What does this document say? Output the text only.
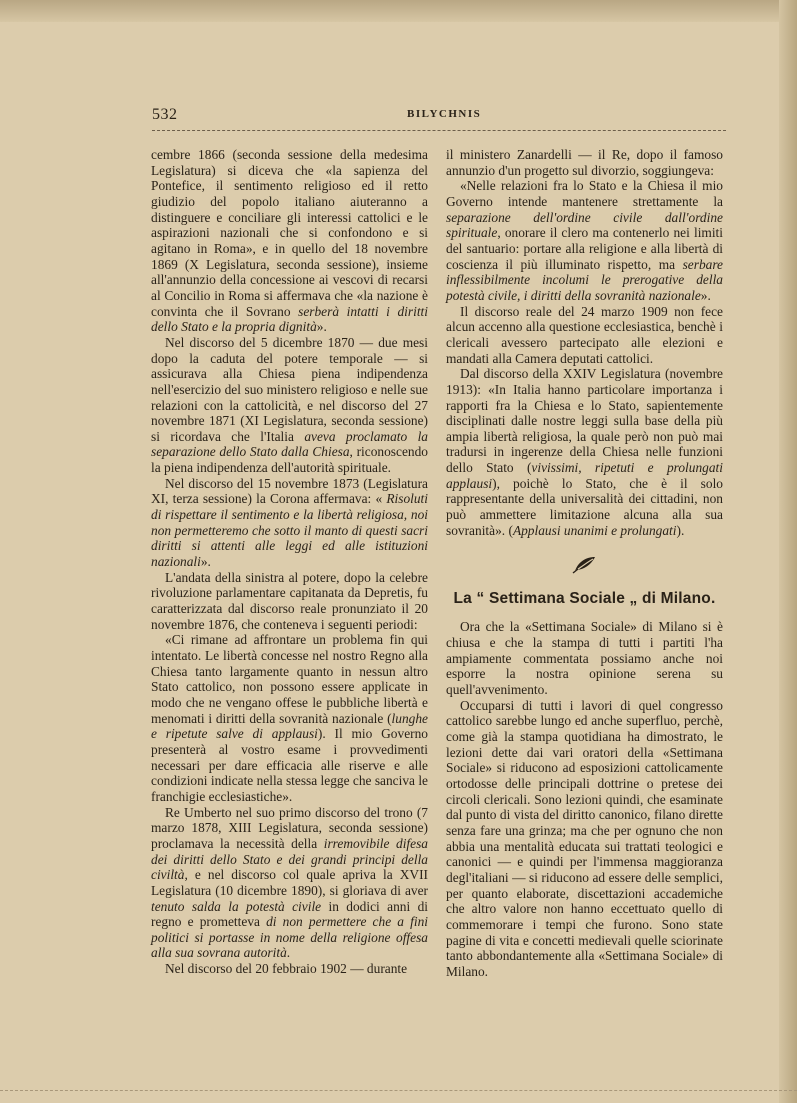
532	BILYCHNIS

cembre 1866 (seconda sessione della medesima Legislatura) si diceva che «la sapienza del Pontefice, il sentimento religioso ed il retto giudizio del popolo italiano aiuteranno a distinguere e conciliare gli interessi cattolici e le aspirazioni nazionali che si confondono e si agitano in Roma», e in quello del 18 novembre 1869 (X Legislatura, seconda sessione), insieme all'annunzio della concessione ai vescovi di recarsi al Concilio in Roma si affermava che «la nazione è convinta che il Sovrano serberà intatti i diritti dello Stato e la propria dignità».

Nel discorso del 5 dicembre 1870 — due mesi dopo la caduta del potere temporale — si assicurava alla Chiesa piena indipendenza nell'esercizio del suo ministero religioso e nelle sue relazioni con la cattolicità, e nel discorso del 27 novembre 1871 (XI Legislatura, seconda sessione) si ricordava che l'Italia aveva proclamato la separazione dello Stato dalla Chiesa, riconoscendo la piena indipendenza dell'autorità spirituale.

Nel discorso del 15 novembre 1873 (Legislatura XI, terza sessione) la Corona affermava: « Risoluti di rispettare il sentimento e la libertà religiosa, noi non permetteremo che sotto il manto di questi sacri diritti si attenti alle leggi ed alle istituzioni nazionali».

L'andata della sinistra al potere, dopo la celebre rivoluzione parlamentare capitanata da Depretis, fu caratterizzata dal discorso reale pronunziato il 20 novembre 1876, che conteneva i seguenti periodi:

«Ci rimane ad affrontare un problema fin qui intentato. Le libertà concesse nel nostro Regno alla Chiesa tanto largamente quanto in nessun altro Stato cattolico, non possono essere applicate in modo che ne vengano offese le pubbliche libertà e menomati i diritti della sovranità nazionale (lunghe e ripetute salve di applausi). Il mio Governo presenterà al vostro esame i provvedimenti necessari per dare efficacia alle riserve e alle condizioni indicate nella stessa legge che sanciva le franchigie ecclesiastiche».

Re Umberto nel suo primo discorso del trono (7 marzo 1878, XIII Legislatura, seconda sessione) proclamava la necessità della irremovibile difesa dei diritti dello Stato e dei grandi principi della civiltà, e nel discorso col quale apriva la XVII Legislatura (10 dicembre 1890), si gloriava di aver tenuto salda la potestà civile in dodici anni di regno e prometteva di non permettere che a fini politici si portasse in nome della religione offesa alla sua sovrana autorità.

Nel discorso del 20 febbraio 1902 — durante

il ministero Zanardelli — il Re, dopo il famoso annunzio d'un progetto sul divorzio, soggiungeva:

«Nelle relazioni fra lo Stato e la Chiesa il mio Governo intende mantenere strettamente la separazione dell'ordine civile dall'ordine spirituale, onorare il clero ma contenerlo nei limiti del santuario: portare alla religione e alla libertà di coscienza il più illuminato rispetto, ma serbare inflessibilmente incolumi le prerogative della potestà civile, i diritti della sovranità nazionale».

Il discorso reale del 24 marzo 1909 non fece alcun accenno alla questione ecclesiastica, benchè i clericali avessero partecipato alle elezioni e mandati alla Camera deputati cattolici.

Dal discorso della XXIV Legislatura (novembre 1913): «In Italia hanno particolare importanza i rapporti fra la Chiesa e lo Stato, sapientemente disciplinati dalle nostre leggi sulla base della più ampia libertà religiosa, la quale però non può mai tradursi in ingerenze della Chiesa nelle funzioni dello Stato (vivissimi, ripetuti e prolungati applausi), poichè lo Stato, che è il solo rappresentante della universalità dei cittadini, non può ammettere limitazione alcuna alla sua sovranità». (Applausi unanimi e prolungati).

La “ Settimana Sociale „ di Milano.

Ora che la «Settimana Sociale» di Milano si è chiusa e che la stampa di tutti i partiti l'ha ampiamente commentata possiamo anche noi esporre la nostra opinione serena su quell'avvenimento.

Occuparsi di tutti i lavori di quel congresso cattolico sarebbe lungo ed anche superfluo, perchè, come già la stampa quotidiana ha dimostrato, le lezioni dette dai vari oratori della «Settimana Sociale» si riducono ad esposizioni cattolicamente ortodosse delle principali dottrine o pretese dei circoli clericali. Sono lezioni quindi, che esaminate dal punto di vista del diritto canonico, filano dirette senza fare una grinza; ma che per ognuno che non abbia una mentalità educata sui trattati teologici e canonici — e quindi per l'immensa maggioranza degl'italiani — si riducono ad essere delle semplici, per quanto elaborate, discettazioni accademiche che altro valore non hanno eccettuato quello di commemorare i tempi che furono. Sono state pagine di vita e concetti medievali quelle sciorinate tanto abbondantemente alla «Settimana Sociale» di Milano.
